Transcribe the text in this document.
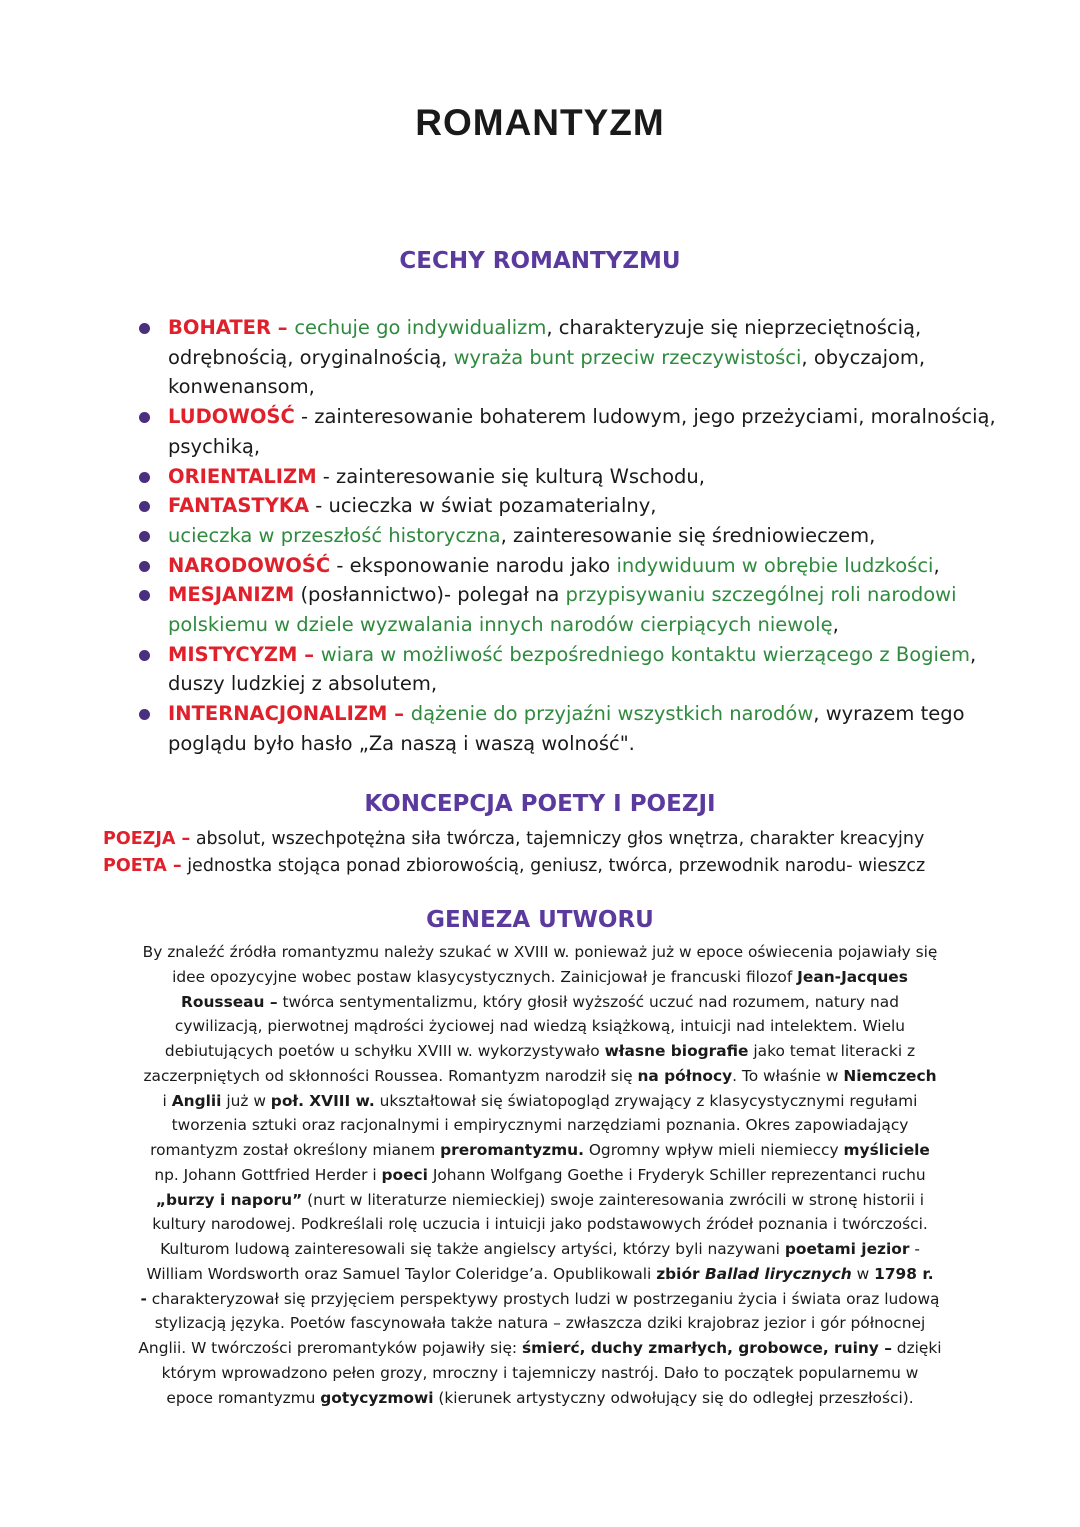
ROMANTYZM
CECHY ROMANTYZMU
BOHATER – cechuje go indywidualizm, charakteryzuje się nieprzeciętnością, odrębnością, oryginalnością, wyraża bunt przeciw rzeczywistości, obyczajom, konwenansom,
LUDOWOŚĆ - zainteresowanie bohaterem ludowym, jego przeżyciami, moralnością, psychiką,
ORIENTALIZM - zainteresowanie się kulturą Wschodu,
FANTASTYKA - ucieczka w świat pozamaterialny,
ucieczka w przeszłość historyczna, zainteresowanie się średniowieczem,
NARODOWOŚĆ - eksponowanie narodu jako indywiduum w obrębie ludzkości,
MESJANIZM (posłannictwo)- polegał na przypisywaniu szczególnej roli narodowi polskiemu w dziele wyzwalania innych narodów cierpiących niewolę,
MISTYCYZM – wiara w możliwość bezpośredniego kontaktu wierzącego z Bogiem, duszy ludzkiej z absolutem,
INTERNACJONALIZM – dążenie do przyjaźni wszystkich narodów, wyrazem tego poglądu było hasło „Za naszą i waszą wolność".
KONCEPCJA POETY I POEZJI
POEZJA – absolut, wszechpotężna siła twórcza, tajemniczy głos wnętrza, charakter kreacyjny
POETA – jednostka stojąca ponad zbiorowością, geniusz, twórca, przewodnik narodu- wieszcz
GENEZA UTWORU
By znaleźć źródła romantyzmu należy szukać w XVIII w. ponieważ już w epoce oświecenia pojawiały się
idee opozycyjne wobec postaw klasycystycznych. Zainicjował je francuski filozof Jean-Jacques
Rousseau – twórca sentymentalizmu, który głosił wyższość uczuć nad rozumem, natury nad
cywilizacją, pierwotnej mądrości życiowej nad wiedzą książkową, intuicji nad intelektem. Wielu
debiutujących poetów u schyłku XVIII w. wykorzystywało własne biografie jako temat literacki z
zaczerpniętych od skłonności Roussea. Romantyzm narodził się na północy. To właśnie w Niemczech
i Anglii już w poł. XVIII w. ukształtował się światopogląd zrywający z klasycystycznymi regułami
tworzenia sztuki oraz racjonalnymi i empirycznymi narzędziami poznania. Okres zapowiadający
romantyzm został określony mianem preromantyzmu. Ogromny wpływ mieli niemieccy myśliciele
np. Johann Gottfried Herder i poeci Johann Wolfgang Goethe i Fryderyk Schiller reprezentanci ruchu
„burzy i naporu” (nurt w literaturze niemieckiej) swoje zainteresowania zwrócili w stronę historii i
kultury narodowej. Podkreślali rolę uczucia i intuicji jako podstawowych źródeł poznania i twórczości.
Kulturom ludową zainteresowali się także angielscy artyści, którzy byli nazywani poetami jezior -
William Wordsworth oraz Samuel Taylor Coleridge’a. Opublikowali zbiór Ballad lirycznych w 1798 r.
- charakteryzował się przyjęciem perspektywy prostych ludzi w postrzeganiu życia i świata oraz ludową
stylizacją języka. Poetów fascynowała także natura – zwłaszcza dziki krajobraz jezior i gór północnej
Anglii. W twórczości preromantyków pojawiły się: śmierć, duchy zmarłych, grobowce, ruiny – dzięki
którym wprowadzono pełen grozy, mroczny i tajemniczy nastrój. Dało to początek popularnemu w
epoce romantyzmu gotycyzmowi (kierunek artystyczny odwołujący się do odległej przeszłości).
